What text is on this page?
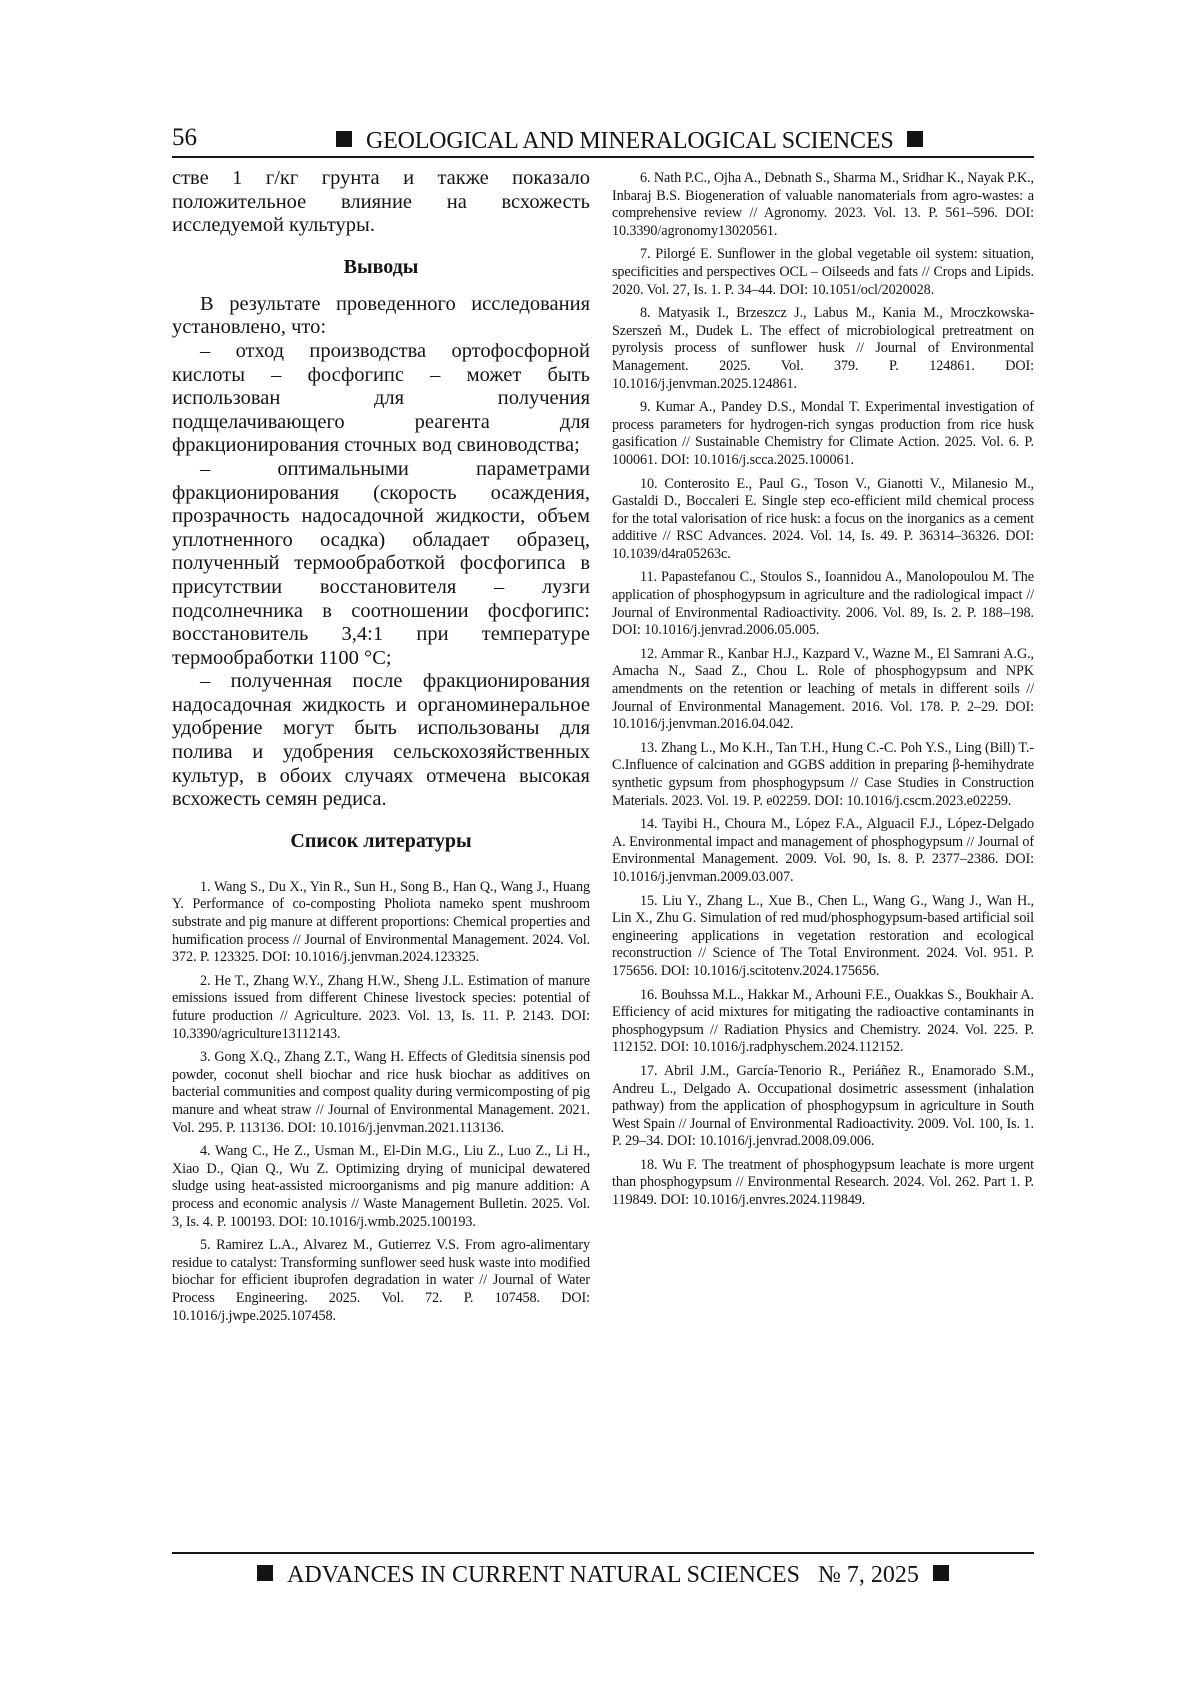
56	GEOLOGICAL AND MINERALOGICAL SCIENCES

стве 1 г/кг грунта и также показало положительное влияние на всхожесть исследуемой культуры.

Выводы

В результате проведенного исследования установлено, что:

– отход производства ортофосфорной кислоты – фосфогипс – может быть использован для получения подщелачивающего реагента для фракционирования сточных вод свиноводства;

– оптимальными параметрами фракционирования (скорость осаждения, прозрачность надосадочной жидкости, объем уплотненного осадка) обладает образец, полученный термообработкой фосфогипса в присутствии восстановителя – лузги подсолнечника в соотношении фосфогипс: восстановитель 3,4:1 при температуре термообработки 1100 °С;

– полученная после фракционирования надосадочная жидкость и органоминеральное удобрение могут быть использованы для полива и удобрения сельскохозяйственных культур, в обоих случаях отмечена высокая всхожесть семян редиса.

Список литературы

1. Wang S., Du X., Yin R., Sun H., Song B., Han Q., Wang J., Huang Y. Performance of co-composting Pholiota nameko spent mushroom substrate and pig manure at different proportions: Chemical properties and humification process // Journal of Environmental Management. 2024. Vol. 372. P. 123325. DOI: 10.1016/j.jenvman.2024.123325.

2. He T., Zhang W.Y., Zhang H.W., Sheng J.L. Estimation of manure emissions issued from different Chinese livestock species: potential of future production // Agriculture. 2023. Vol. 13, Is. 11. P. 2143. DOI: 10.3390/agriculture13112143.

3. Gong X.Q., Zhang Z.T., Wang H. Effects of Gleditsia sinensis pod powder, coconut shell biochar and rice husk biochar as additives on bacterial communities and compost quality during vermicomposting of pig manure and wheat straw // Journal of Environmental Management. 2021. Vol. 295. P. 113136. DOI: 10.1016/j.jenvman.2021.113136.

4. Wang C., He Z., Usman M., El-Din M.G., Liu Z., Luo Z., Li H., Xiao D., Qian Q., Wu Z. Optimizing drying of municipal dewatered sludge using heat-assisted microorganisms and pig manure addition: A process and economic analysis // Waste Management Bulletin. 2025. Vol. 3, Is. 4. P. 100193. DOI: 10.1016/j.wmb.2025.100193.

5. Ramirez L.A., Alvarez M., Gutierrez V.S. From agro-alimentary residue to catalyst: Transforming sunflower seed husk waste into modified biochar for efficient ibuprofen degradation in water // Journal of Water Process Engineering. 2025. Vol. 72. P. 107458. DOI: 10.1016/j.jwpe.2025.107458.

6. Nath P.C., Ojha A., Debnath S., Sharma M., Sridhar K., Nayak P.K., Inbaraj B.S. Biogeneration of valuable nanomaterials from agro-wastes: a comprehensive review // Agronomy. 2023. Vol. 13. P. 561–596. DOI: 10.3390/agronomy13020561.

7. Pilorgé E. Sunflower in the global vegetable oil system: situation, specificities and perspectives OCL – Oilseeds and fats // Crops and Lipids. 2020. Vol. 27, Is. 1. P. 34–44. DOI: 10.1051/ocl/2020028.

8. Matyasik I., Brzeszcz J., Labus M., Kania M., Mroczkowska-Szerszeń M., Dudek L. The effect of microbiological pretreatment on pyrolysis process of sunflower husk // Journal of Environmental Management. 2025. Vol. 379. P. 124861. DOI: 10.1016/j.jenvman.2025.124861.

9. Kumar A., Pandey D.S., Mondal T. Experimental investigation of process parameters for hydrogen-rich syngas production from rice husk gasification // Sustainable Chemistry for Climate Action. 2025. Vol. 6. P. 100061. DOI: 10.1016/j.scca.2025.100061.

10. Conterosito E., Paul G., Toson V., Gianotti V., Milanesio M., Gastaldi D., Boccaleri E. Single step eco-efficient mild chemical process for the total valorisation of rice husk: a focus on the inorganics as a cement additive // RSC Advances. 2024. Vol. 14, Is. 49. P. 36314–36326. DOI: 10.1039/d4ra05263c.

11. Papastefanou C., Stoulos S., Ioannidou A., Manolopoulou M. The application of phosphogypsum in agriculture and the radiological impact // Journal of Environmental Radioactivity. 2006. Vol. 89, Is. 2. P. 188–198. DOI: 10.1016/j.jenvrad.2006.05.005.

12. Ammar R., Kanbar H.J., Kazpard V., Wazne M., El Samrani A.G., Amacha N., Saad Z., Chou L. Role of phosphogypsum and NPK amendments on the retention or leaching of metals in different soils // Journal of Environmental Management. 2016. Vol. 178. P. 2–29. DOI: 10.1016/j.jenvman.2016.04.042.

13. Zhang L., Mo K.H., Tan T.H., Hung C.-C. Poh Y.S., Ling (Bill) T.-C.Influence of calcination and GGBS addition in preparing β-hemihydrate synthetic gypsum from phosphogypsum // Case Studies in Construction Materials. 2023. Vol. 19. P. e02259. DOI: 10.1016/j.cscm.2023.e02259.

14. Tayibi H., Choura M., López F.A., Alguacil F.J., López-Delgado A. Environmental impact and management of phosphogypsum // Journal of Environmental Management. 2009. Vol. 90, Is. 8. P. 2377–2386. DOI: 10.1016/j.jenvman.2009.03.007.

15. Liu Y., Zhang L., Xue B., Chen L., Wang G., Wang J., Wan H., Lin X., Zhu G. Simulation of red mud/phosphogypsum-based artificial soil engineering applications in vegetation restoration and ecological reconstruction // Science of The Total Environment. 2024. Vol. 951. P. 175656. DOI: 10.1016/j.scitotenv.2024.175656.

16. Bouhssa M.L., Hakkar M., Arhouni F.E., Ouakkas S., Boukhair A. Efficiency of acid mixtures for mitigating the radioactive contaminants in phosphogypsum // Radiation Physics and Chemistry. 2024. Vol. 225. P. 112152. DOI: 10.1016/j.radphyschem.2024.112152.

17. Abril J.M., García-Tenorio R., Periáñez R., Enamorado S.M., Andreu L., Delgado A. Occupational dosimetric assessment (inhalation pathway) from the application of phosphogypsum in agriculture in South West Spain // Journal of Environmental Radioactivity. 2009. Vol. 100, Is. 1. P. 29–34. DOI: 10.1016/j.jenvrad.2008.09.006.

18. Wu F. The treatment of phosphogypsum leachate is more urgent than phosphogypsum // Environmental Research. 2024. Vol. 262. Part 1. P. 119849. DOI: 10.1016/j.envres.2024.119849.

ADVANCES IN CURRENT NATURAL SCIENCES № 7, 2025
